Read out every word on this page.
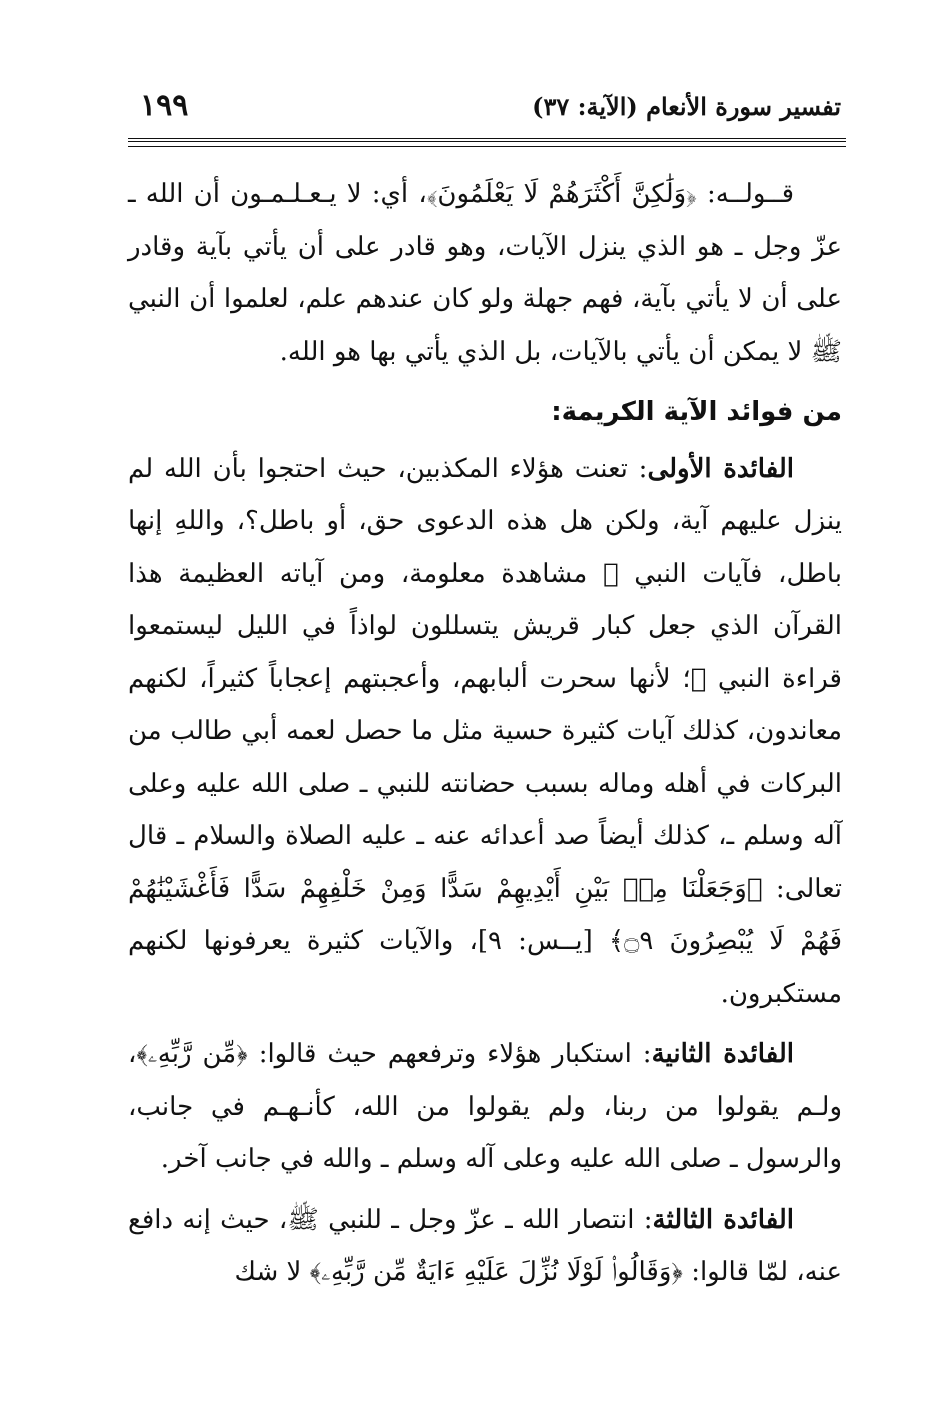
تفسير سورة الأنعام (الآية: ٣٧)
١٩٩

قــولــه: ﴿وَلَٰكِنَّ أَكْثَرَهُمْ لَا يَعْلَمُونَ﴾، أي: لا يـعـلـمـون أن الله ـ عزّ وجل ـ هو الذي ينزل الآيات، وهو قادر على أن يأتي بآية وقادر على أن لا يأتي بآية، فهم جهلة ولو كان عندهم علم، لعلموا أن النبي ﷺ لا يمكن أن يأتي بالآيات، بل الذي يأتي بها هو الله.

من فوائد الآية الكريمة:

الفائدة الأولى: تعنت هؤلاء المكذبين، حيث احتجوا بأن الله لم ينزل عليهم آية، ولكن هل هذه الدعوى حق، أو باطل؟، واللهِ إنها باطل، فآيات النبي ﷺ مشاهدة معلومة، ومن آياته العظيمة هذا القرآن الذي جعل كبار قريش يتسللون لواذاً في الليل ليستمعوا قراءة النبي ﷺ؛ لأنها سحرت ألبابهم، وأعجبتهم إعجاباً كثيراً، لكنهم معاندون، كذلك آيات كثيرة حسية مثل ما حصل لعمه أبي طالب من البركات في أهله وماله بسبب حضانته للنبي ـ صلى الله عليه وعلى آله وسلم ـ، كذلك أيضاً صد أعدائه عنه ـ عليه الصلاة والسلام ـ قال تعالى: ﴿وَجَعَلْنَا مِنۢ بَيْنِ أَيْدِيهِمْ سَدًّا وَمِنْ خَلْفِهِمْ سَدًّا فَأَغْشَيْنَٰهُمْ فَهُمْ لَا يُبْصِرُونَ ۝٩﴾ [يــس: ٩]، والآيات كثيرة يعرفونها لكنهم مستكبرون.

الفائدة الثانية: استكبار هؤلاء وترفعهم حيث قالوا: ﴿مِّن رَّبِّهِۦ﴾، ولـم يقولوا من ربنا، ولم يقولوا من الله، كأنـهـم في جانب، والرسول ـ صلى الله عليه وعلى آله وسلم ـ والله في جانب آخر.

الفائدة الثالثة: انتصار الله ـ عزّ وجل ـ للنبي ﷺ، حيث إنه دافع عنه، لمّا قالوا: ﴿وَقَالُوا۟ لَوْلَا نُزِّلَ عَلَيْهِ ءَايَةٌ مِّن رَّبِّهِۦ﴾ لا شك
